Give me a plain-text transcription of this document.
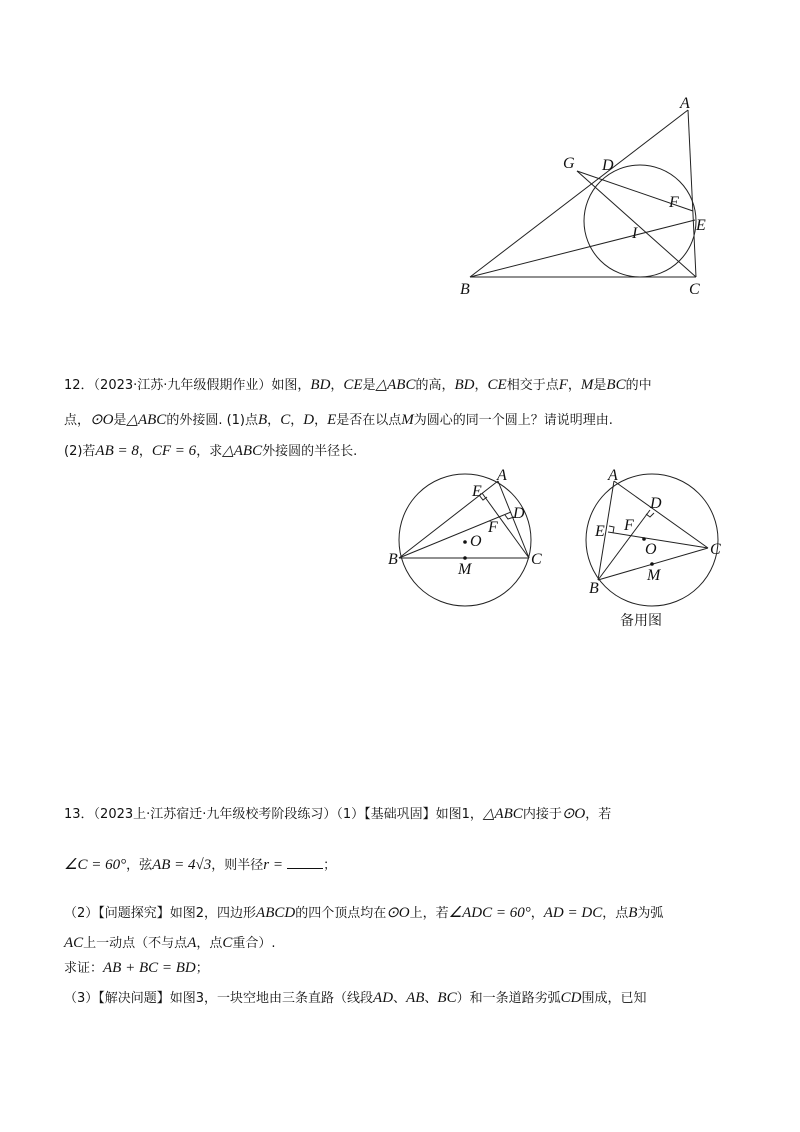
A
B	C
D
E
F
G
I
12．（2023·江苏·九年级假期作业）如图，BD，CE是△ABC的高，BD，CE相交于点F，M是BC的中
点，⊙O是△ABC的外接圆. (1)点B，C，D，E是否在以点M为圆心的同一个圆上？请说明理由.
(2)若AB = 8，CF = 6，求△ABC外接圆的半径长.
A
B	C
D
E
F
O
M
A
B
C
D
E F
O
M
备用图
13．（2023上·江苏宿迁·九年级校考阶段练习）（1）【基础巩固】如图1，△ABC内接于⊙O，若
∠C = 60°，弦AB = 4√3，则半径r =	；
（2）【问题探究】如图2，四边形ABCD的四个顶点均在⊙O上，若∠ADC = 60°，AD = DC，点B为弧
AC上一动点（不与点A，点C重合）.
求证：AB + BC = BD；
（3）【解决问题】如图3，一块空地由三条直路（线段AD、AB、BC）和一条道路劣弧CD围成，已知
